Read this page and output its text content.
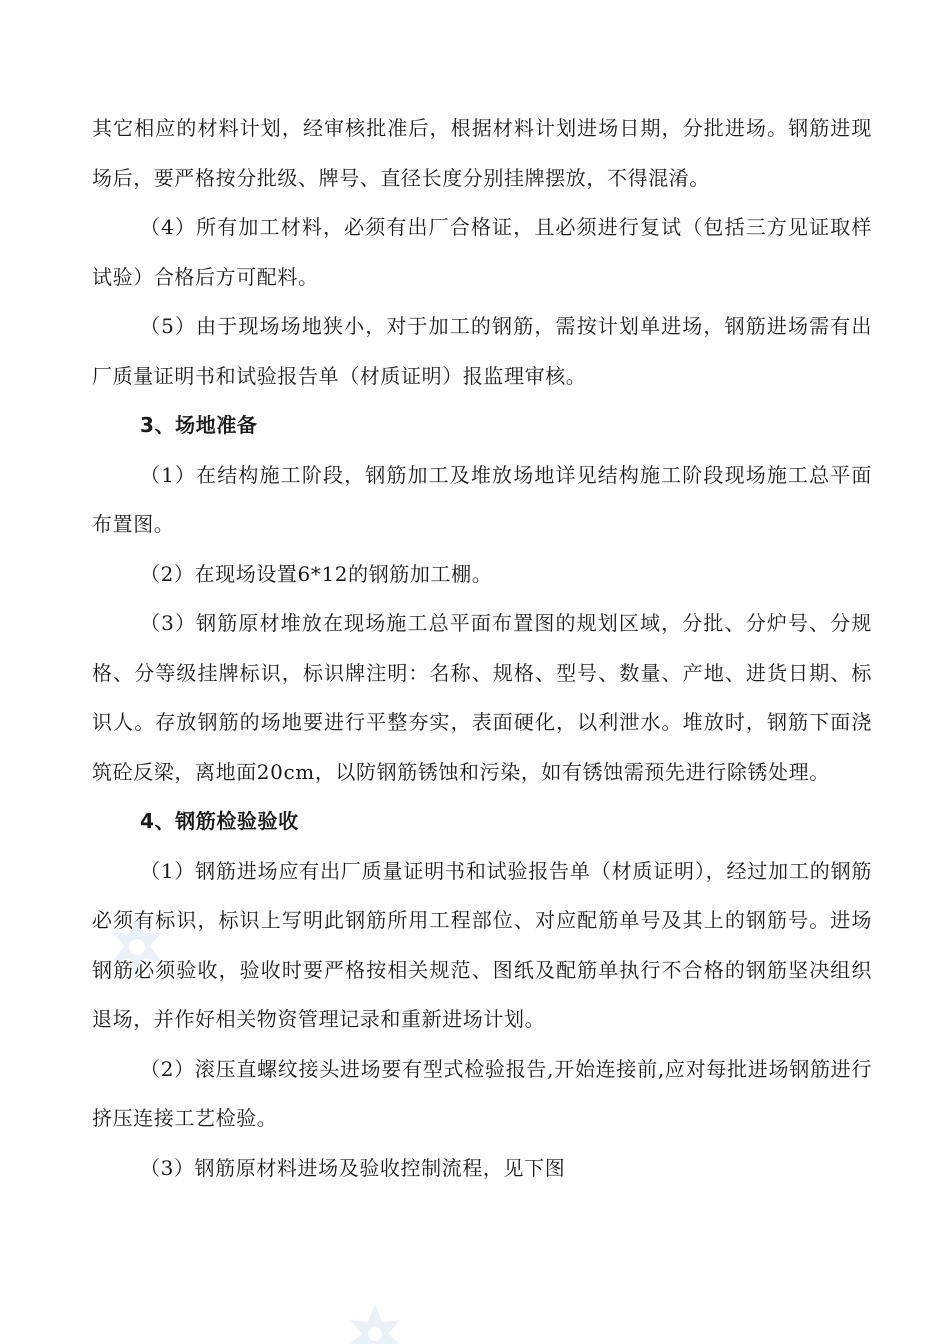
其它相应的材料计划，经审核批准后，根据材料计划进场日期，分批进场。钢筋进现场后，要严格按分批级、牌号、直径长度分别挂牌摆放，不得混淆。

（4）所有加工材料，必须有出厂合格证，且必须进行复试（包括三方见证取样试验）合格后方可配料。

（5）由于现场场地狭小，对于加工的钢筋，需按计划单进场，钢筋进场需有出厂质量证明书和试验报告单（材质证明）报监理审核。

3、场地准备

（1）在结构施工阶段，钢筋加工及堆放场地详见结构施工阶段现场施工总平面布置图。

（2）在现场设置6*12的钢筋加工棚。

（3）钢筋原材堆放在现场施工总平面布置图的规划区域，分批、分炉号、分规格、分等级挂牌标识，标识牌注明：名称、规格、型号、数量、产地、进货日期、标识人。存放钢筋的场地要进行平整夯实，表面硬化，以利泄水。堆放时，钢筋下面浇筑砼反梁，离地面20cm，以防钢筋锈蚀和污染，如有锈蚀需预先进行除锈处理。

4、钢筋检验验收

（1）钢筋进场应有出厂质量证明书和试验报告单（材质证明），经过加工的钢筋必须有标识，标识上写明此钢筋所用工程部位、对应配筋单号及其上的钢筋号。进场钢筋必须验收，验收时要严格按相关规范、图纸及配筋单执行不合格的钢筋坚决组织退场，并作好相关物资管理记录和重新进场计划。

（2）滚压直螺纹接头进场要有型式检验报告,开始连接前,应对每批进场钢筋进行挤压连接工艺检验。

（3）钢筋原材料进场及验收控制流程，见下图
